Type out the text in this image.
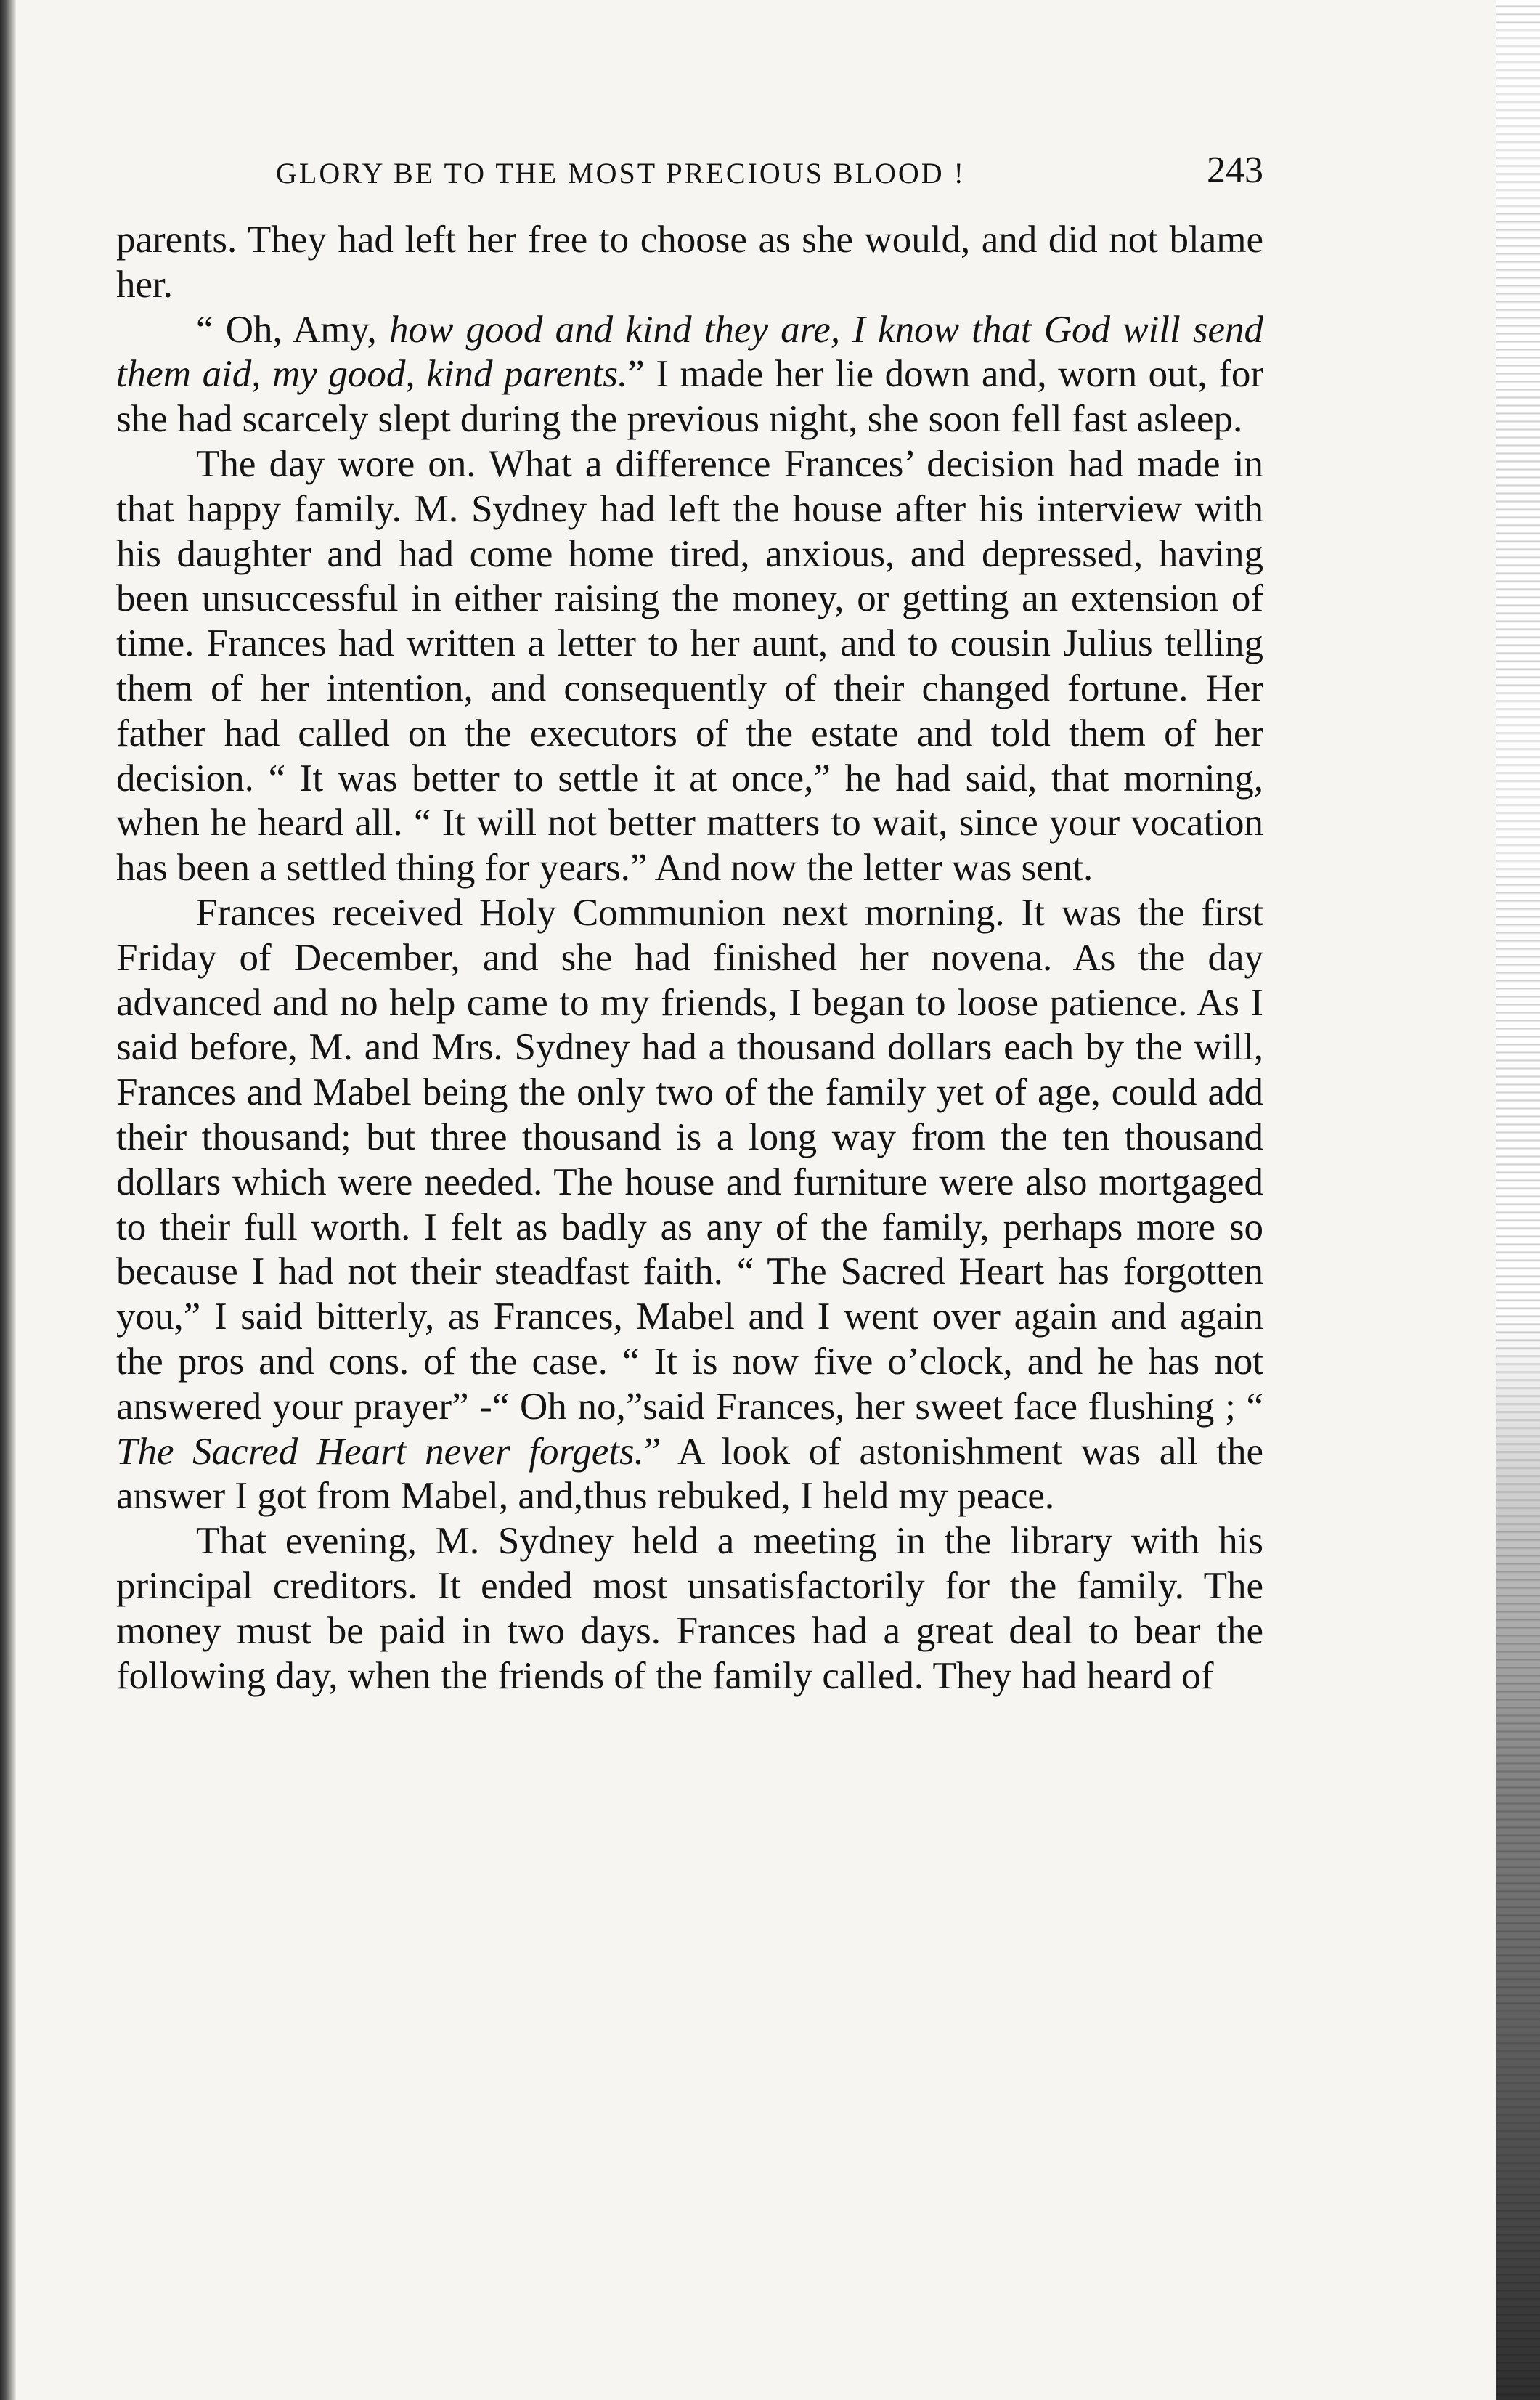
GLORY BE TO THE MOST PRECIOUS BLOOD !	243

parents. They had left her free to choose as she would, and did not blame her.

“ Oh, Amy, how good and kind they are, I know that God will send them aid, my good, kind parents.” I made her lie down and, worn out, for she had scarcely slept during the previous night, she soon fell fast asleep.

The day wore on. What a difference Frances’ decision had made in that happy family. M. Sydney had left the house after his interview with his daughter and had come home tired, anxious, and depressed, having been unsuccessful in either raising the money, or getting an extension of time. Frances had written a letter to her aunt, and to cousin Julius telling them of her intention, and consequently of their changed fortune. Her father had called on the executors of the estate and told them of her decision. “ It was better to settle it at once,” he had said, that morning, when he heard all. “ It will not better matters to wait, since your vocation has been a settled thing for years.” And now the letter was sent.

Frances received Holy Communion next morning. It was the first Friday of December, and she had finished her novena. As the day advanced and no help came to my friends, I began to loose patience. As I said before, M. and Mrs. Sydney had a thousand dollars each by the will, Frances and Mabel being the only two of the family yet of age, could add their thousand; but three thousand is a long way from the ten thousand dollars which were needed. The house and furniture were also mortgaged to their full worth. I felt as badly as any of the family, perhaps more so because I had not their steadfast faith. “ The Sacred Heart has forgotten you,” I said bitterly, as Frances, Mabel and I went over again and again the pros and cons. of the case. “ It is now five o’clock, and he has not answered your prayer” -“ Oh no,”said Frances, her sweet face flushing ; “ The Sacred Heart never forgets.” A look of astonishment was all the answer I got from Mabel, and,thus rebuked, I held my peace.

That evening, M. Sydney held a meeting in the library with his principal creditors. It ended most unsatisfactorily for the family. The money must be paid in two days. Frances had a great deal to bear the following day, when the friends of the family called. They had heard of
